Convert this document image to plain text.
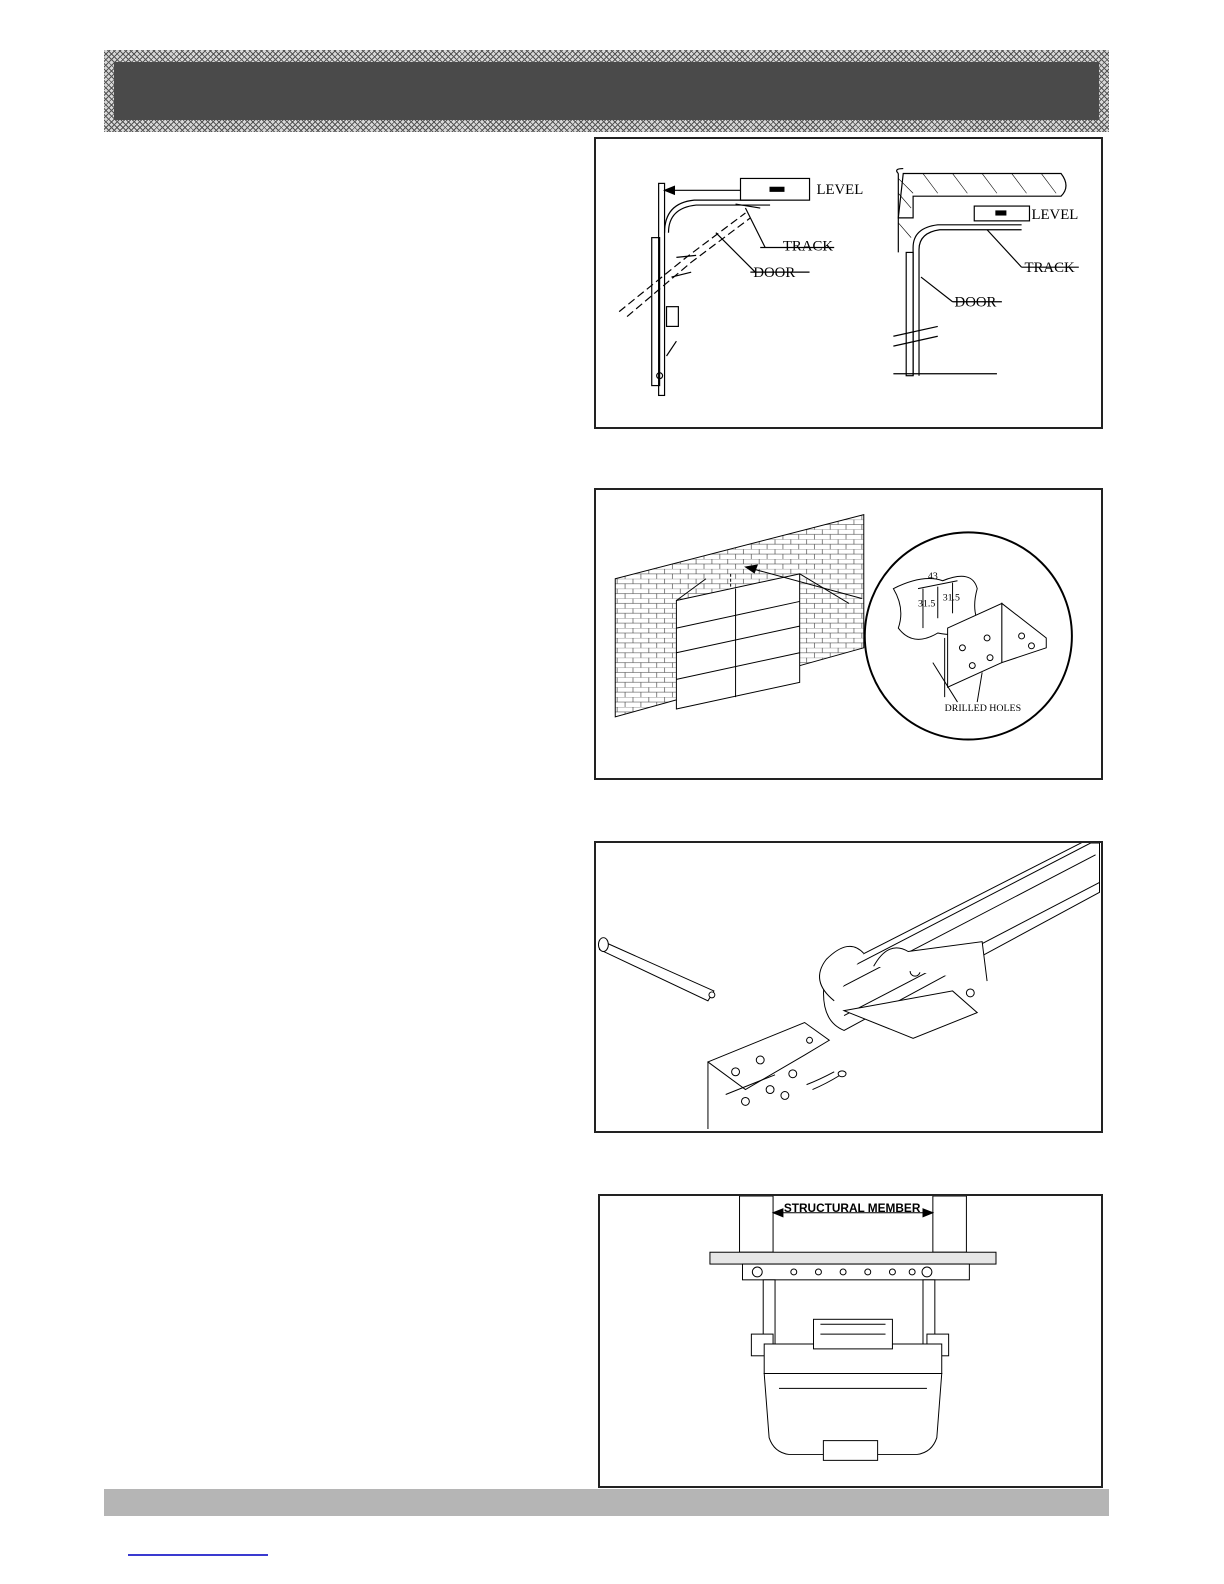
LEVEL
TRACK
DOOR
LEVEL
TRACK
DOOR
43
31.5
31.5
DRILLED HOLES
STRUCTURAL MEMBER
